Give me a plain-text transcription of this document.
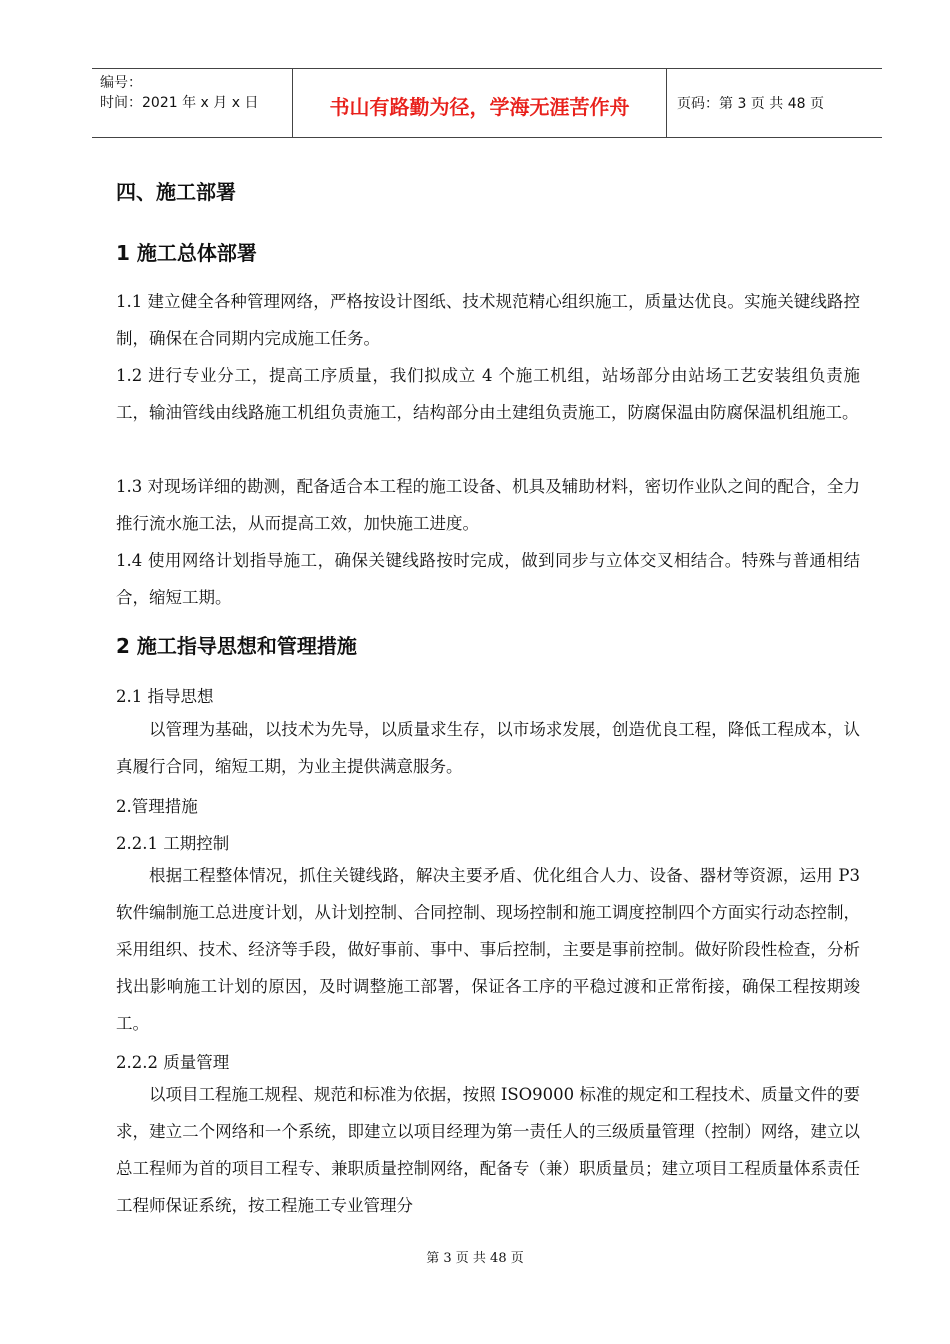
编号：
时间：2021 年 x 月 x 日	书山有路勤为径，学海无涯苦作舟	页码：第 3 页 共 48 页
四、施工部署
1 施工总体部署
1.1 建立健全各种管理网络，严格按设计图纸、技术规范精心组织施工，质量达优良。实施关键线路控制，确保在合同期内完成施工任务。
1.2 进行专业分工，提高工序质量，我们拟成立 4 个施工机组，站场部分由站场工艺安装组负责施工，输油管线由线路施工机组负责施工，结构部分由土建组负责施工，防腐保温由防腐保温机组施工。
1.3 对现场详细的勘测，配备适合本工程的施工设备、机具及辅助材料，密切作业队之间的配合，全力推行流水施工法，从而提高工效，加快施工进度。
1.4 使用网络计划指导施工，确保关键线路按时完成，做到同步与立体交叉相结合。特殊与普通相结合，缩短工期。
2 施工指导思想和管理措施
2.1 指导思想
以管理为基础，以技术为先导，以质量求生存，以市场求发展，创造优良工程，降低工程成本，认真履行合同，缩短工期，为业主提供满意服务。
2.管理措施
2.2.1 工期控制
根据工程整体情况，抓住关键线路，解决主要矛盾、优化组合人力、设备、器材等资源，运用 P3 软件编制施工总进度计划，从计划控制、合同控制、现场控制和施工调度控制四个方面实行动态控制，采用组织、技术、经济等手段，做好事前、事中、事后控制，主要是事前控制。做好阶段性检查，分析找出影响施工计划的原因，及时调整施工部署，保证各工序的平稳过渡和正常衔接，确保工程按期竣工。
2.2.2 质量管理
以项目工程施工规程、规范和标准为依据，按照 ISO9000 标准的规定和工程技术、质量文件的要求，建立二个网络和一个系统，即建立以项目经理为第一责任人的三级质量管理（控制）网络，建立以总工程师为首的项目工程专、兼职质量控制网络，配备专（兼）职质量员；建立项目工程质量体系责任工程师保证系统，按工程施工专业管理分
第 3 页 共 48 页
